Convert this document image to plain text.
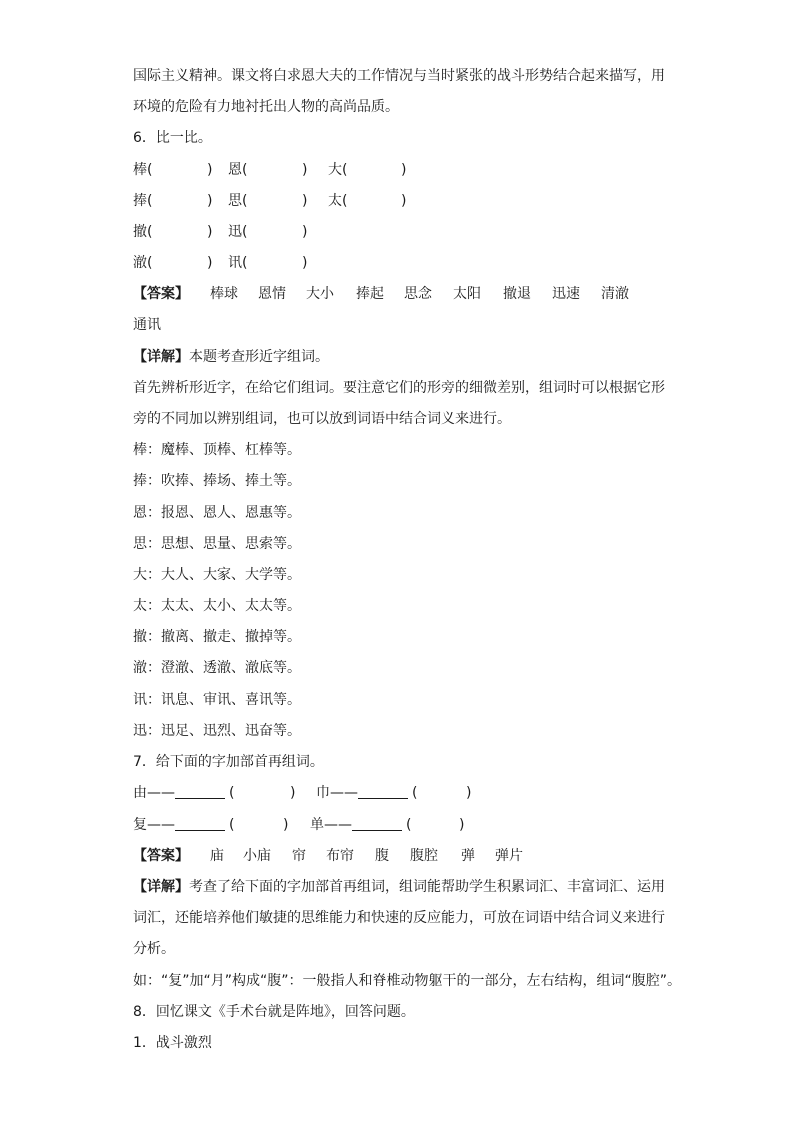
国际主义精神。课文将白求恩大夫的工作情况与当时紧张的战斗形势结合起来描写，用
环境的危险有力地衬托出人物的高尚品质。
6．比一比。
棒(	) 恩(	) 大(	)
捧(	) 思(	) 太(	)
撤(	) 迅(	)
澈(	) 讯(	)
【答案】 棒球 恩情 大小 捧起 思念 太阳 撤退 迅速 清澈
通讯
【详解】本题考查形近字组词。
首先辨析形近字，在给它们组词。要注意它们的形旁的细微差别，组词时可以根据它形
旁的不同加以辨别组词，也可以放到词语中结合词义来进行。
棒：魔棒、顶棒、杠棒等。
捧：吹捧、捧场、捧土等。
恩：报恩、恩人、恩惠等。
思：思想、思量、思索等。
大：大人、大家、大学等。
太：太太、太小、太太等。
撤：撤离、撤走、撤掉等。
澈：澄澈、透澈、澈底等。
讯：讯息、审讯、喜讯等。
迅：迅足、迅烈、迅奋等。
7．给下面的字加部首再组词。
由——	(	) 巾——	(	)
复——	(	) 单——	(	)
【答案】 庙 小庙 帘 布帘 腹 腹腔 弹 弹片
【详解】考查了给下面的字加部首再组词，组词能帮助学生积累词汇、丰富词汇、运用
词汇，还能培养他们敏捷的思维能力和快速的反应能力，可放在词语中结合词义来进行
分析。
如：“复”加“月”构成“腹”：一般指人和脊椎动物躯干的一部分，左右结构，组词“腹腔”。
8．回忆课文《手术台就是阵地》，回答问题。
1．战斗激烈
